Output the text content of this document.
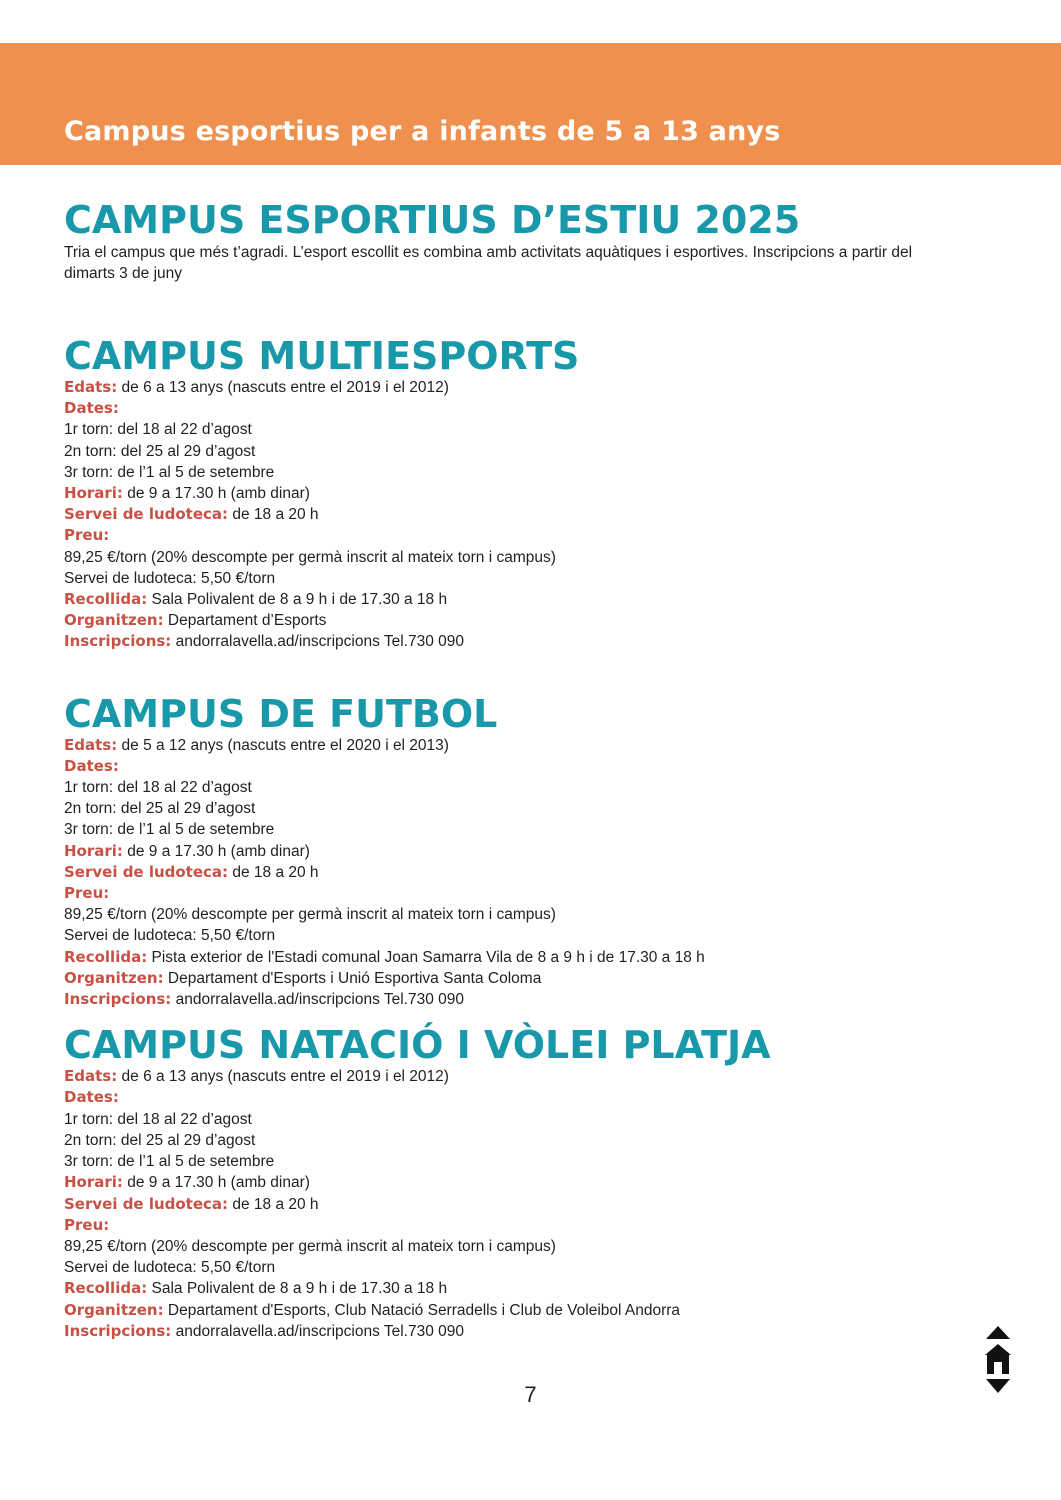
Campus esportius per a infants de 5 a 13 anys
CAMPUS ESPORTIUS D’ESTIU 2025
Tria el campus que més t’agradi. L’esport escollit es combina amb activitats aquàtiques i esportives. Inscripcions a partir del
dimarts 3 de juny
CAMPUS MULTIESPORTS
Edats: de 6 a 13 anys (nascuts entre el 2019 i el 2012)
Dates:
1r torn: del 18 al 22 d’agost
2n torn: del 25 al 29 d’agost
3r torn: de l’1 al 5 de setembre
Horari: de 9 a 17.30 h (amb dinar)
Servei de ludoteca: de 18 a 20 h
Preu:
89,25 €/torn (20% descompte per germà inscrit al mateix torn i campus)
Servei de ludoteca: 5,50 €/torn
Recollida: Sala Polivalent de 8 a 9 h i de 17.30 a 18 h
Organitzen: Departament d’Esports
Inscripcions: andorralavella.ad/inscripcions Tel.730 090
CAMPUS DE FUTBOL
Edats: de 5 a 12 anys (nascuts entre el 2020 i el 2013)
Dates:
1r torn: del 18 al 22 d’agost
2n torn: del 25 al 29 d’agost
3r torn: de l’1 al 5 de setembre
Horari: de 9 a 17.30 h (amb dinar)
Servei de ludoteca: de 18 a 20 h
Preu:
89,25 €/torn (20% descompte per germà inscrit al mateix torn i campus)
Servei de ludoteca: 5,50 €/torn
Recollida: Pista exterior de l'Estadi comunal Joan Samarra Vila de 8 a 9 h i de 17.30 a 18 h
Organitzen: Departament d'Esports i Unió Esportiva Santa Coloma
Inscripcions: andorralavella.ad/inscripcions Tel.730 090
CAMPUS NATACIÓ I VÒLEI PLATJA
Edats: de 6 a 13 anys (nascuts entre el 2019 i el 2012)
Dates:
1r torn: del 18 al 22 d’agost
2n torn: del 25 al 29 d’agost
3r torn: de l’1 al 5 de setembre
Horari: de 9 a 17.30 h (amb dinar)
Servei de ludoteca: de 18 a 20 h
Preu:
89,25 €/torn (20% descompte per germà inscrit al mateix torn i campus)
Servei de ludoteca: 5,50 €/torn
Recollida: Sala Polivalent de 8 a 9 h i de 17.30 a 18 h
Organitzen: Departament d'Esports, Club Natació Serradells i Club de Voleibol Andorra
Inscripcions: andorralavella.ad/inscripcions Tel.730 090
7
